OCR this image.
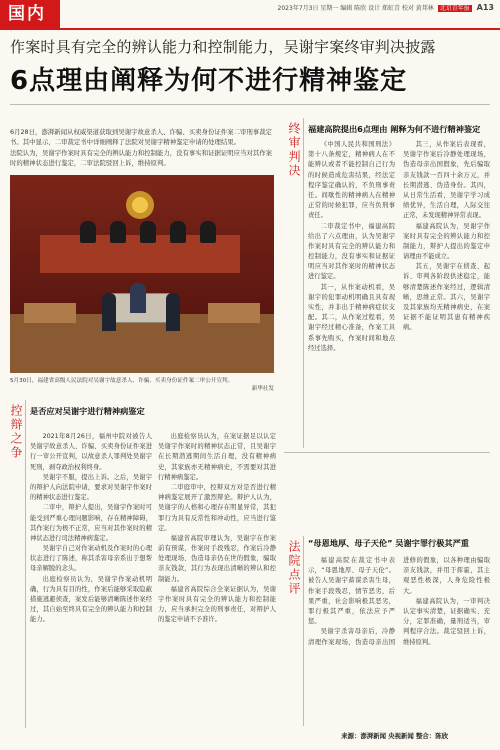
国内	2023年7月3日 星期一 编辑 陈欣 设计 郑虹青 校对 黄邦林 北京青年报 A13
作案时具有完全的辨认能力和控制能力，吴谢宇案终审判决披露
6点理由阐释为何不进行精神鉴定

6月28日，澎湃新闻从权威渠道获取到吴谢宇故意杀人、诈骗、买卖身份证件案二审刑事裁定书。其中显示，二审裁定书中详细阐释了法院对吴谢宇精神鉴定申请的处理结果。

法院认为，吴谢宇作案时具有完全的辨认能力和控制能力，没有事实和证据证明应当对其作案时的精神状态进行鉴定，二审法院驳回上诉，维持原判。

5月30日，福建省高级人民法院对吴谢宇故意杀人、诈骗、买卖身份证件案二审公开宣判。
新华社发
控辩之争 是否应对吴谢宇进行精神病鉴定

2021年8月26日，福州中院对被告人吴谢宇故意杀人、诈骗、买卖身份证件案进行一审公开宣判，以故意杀人罪判处吴谢宇死刑，剥夺政治权利终身。

吴谢宇不服，提出上诉。之后，吴谢宇的辩护人向法院申请，要求对吴谢宇作案时的精神状态进行鉴定。

二审中，辩护人提出，吴谢宇作案时可能受到严重心理问题影响，存在精神障碍，其作案行为极不正常，应当对其作案时的精神状态进行司法精神病鉴定。

吴谢宇自己对作案动机及作案时的心理状态进行了陈述，称其杀害母亲系出于想帮母亲解脱的念头。

出庭检察员认为，吴谢宇作案动机明确，行为具有目的性，作案后能够采取隐蔽措施逃避侦查，案发后能够清晰陈述作案经过，其自始至终具有完全的辨认能力和控制能力。

出庭检察员认为，在案证据足以认定吴谢宇作案时的精神状态正常，且吴谢宇在长期潜逃期间生活自理，没有精神病史，其家族亦无精神病史，不需要对其进行精神病鉴定。

二审庭审中，控辩双方对是否进行精神病鉴定展开了激烈辩论。辩护人认为，吴谢宇的人格和心理存在明显异常，其犯罪行为具有反常性和冲动性，应当进行鉴定。

福建省高院审理认为，吴谢宇在作案前有预谋，作案时手段残忍，作案后冷静处理现场、伪造母亲仍在世的假象，骗取亲友钱款，其行为表现出清晰的辨认和控制能力。

福建省高院综合全案证据认为，吴谢宇作案时具有完全的辨认能力和控制能力，应当承担完全的刑事责任，对辩护人的鉴定申请不予准许。

终审判决 福建高院提出6点理由 阐释为何不进行精神鉴定

《中国人民共和国刑法》第十八条规定，精神病人在不能辨认或者不能控制自己行为的时候造成危害结果，经法定程序鉴定确认的，不负刑事责任。间歇性的精神病人在精神正常的时候犯罪，应当负刑事责任。

二审裁定书中，福建高院给出了六点理由，认为吴谢宇作案时具有完全的辨认能力和控制能力，没有事实和证据证明应当对其作案时的精神状态进行鉴定。

其一，从作案动机看，吴谢宇的犯罪动机明确且具有现实性，并非出于精神病症状支配。其二，从作案过程看，吴谢宇经过精心准备，作案工具系事先购买，作案时间和地点经过选择。

其三，从作案后表现看，吴谢宇作案后冷静处理现场，伪造母亲出国假象，先后骗取亲友钱款一百四十余万元，并长期潜逃、伪造身份。其四，从日常生活看，吴谢宇学习成绩优异，生活自理，人际交往正常，未发现精神异常表现。

福建高院认为，吴谢宇作案时具有完全的辨认能力和控制能力，辩护人提出的鉴定申请理由不能成立。

其五，吴谢宇在侦查、起诉、审判各阶段供述稳定，能够清楚陈述作案经过，逻辑清晰，思维正常。其六，吴谢宇及其家族均无精神病史，在案证据不能证明其患有精神疾病。

法院点评 “母恩地厚、母子天伦” 吴谢宇罪行极其严重

福建高院在裁定书中表示，“母恩地厚、母子天伦”。被告人吴谢宇蓄谋杀害生母，作案手段残忍，情节恶劣，后果严重，社会影响极其恶劣，罪行极其严重，依法应予严惩。

吴谢宇杀害母亲后，冷静清理作案现场，伪造母亲出国进修的假象，以各种理由骗取亲友钱款，并用于挥霍，其主观恶性极深，人身危险性极大。

福建高院认为，一审判决认定事实清楚，证据确实、充分，定罪准确，量刑适当，审判程序合法。裁定驳回上诉，维持原判。

来源：澎湃新闻 央视新闻 整合：陈欣
